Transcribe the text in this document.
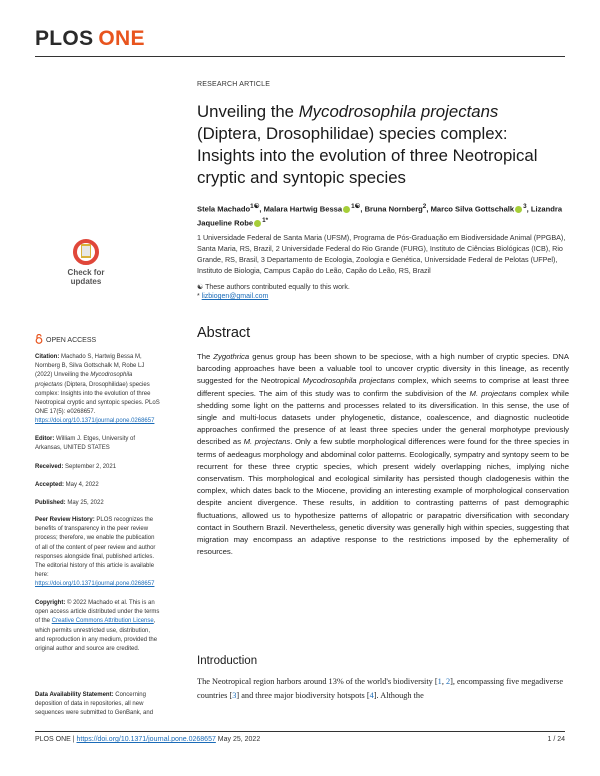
PLOS ONE
RESEARCH ARTICLE
Unveiling the Mycodrosophila projectans (Diptera, Drosophilidae) species complex: Insights into the evolution of three Neotropical cryptic and syntopic species
Stela Machado$^{1☯}$, Malara Hartwig Bessa $^{1☯}$, Bruna Nornberg$^2$, Marco Silva Gottschalk $^3$, Lizandra Jaqueline Robe $^{1*}$
1 Universidade Federal de Santa Maria (UFSM), Programa de Pós-Graduação em Biodiversidade Animal (PPGBA), Santa Maria, RS, Brazil, 2 Universidade Federal do Rio Grande (FURG), Instituto de Ciências Biológicas (ICB), Rio Grande, RS, Brasil, 3 Departamento de Ecologia, Zoologia e Genética, Universidade Federal de Pelotas (UFPel), Instituto de Biologia, Campus Capão do Leão, Capão do Leão, RS, Brazil
☯ These authors contributed equally to this work.
* lizbiogen@gmail.com
Check for
updates
OPEN ACCESS
Citation: Machado S, Hartwig Bessa M, Nornberg B, Silva Gottschalk M, Robe LJ (2022) Unveiling the Mycodrosophila projectans (Diptera, Drosophilidae) species complex: Insights into the evolution of three Neotropical cryptic and syntopic species. PLoS ONE 17(5): e0268657. https://doi.org/10.1371/journal.pone.0268657
Editor: William J. Etges, University of Arkansas, UNITED STATES
Received: September 2, 2021
Accepted: May 4, 2022
Published: May 25, 2022
Peer Review History: PLOS recognizes the benefits of transparency in the peer review process; therefore, we enable the publication of all of the content of peer review and author responses alongside final, published articles. The editorial history of this article is available here: https://doi.org/10.1371/journal.pone.0268657
Copyright: © 2022 Machado et al. This is an open access article distributed under the terms of the Creative Commons Attribution License, which permits unrestricted use, distribution, and reproduction in any medium, provided the original author and source are credited.
Data Availability Statement: Concerning deposition of data in repositories, all new sequences were submitted to GenBank, and
Abstract
The Zygothrica genus group has been shown to be speciose, with a high number of cryptic species. DNA barcoding approaches have been a valuable tool to uncover cryptic diversity in this lineage, as recently suggested for the Neotropical Mycodrosophila projectans complex, which seems to comprise at least three different species. The aim of this study was to confirm the subdivision of the M. projectans complex while shedding some light on the patterns and processes related to its diversification. In this sense, the use of single and multi-locus datasets under phylogenetic, distance, coalescence, and diagnostic nucleotide approaches confirmed the presence of at least three species under the general morphotype previously described as M. projectans. Only a few subtle morphological differences were found for the three species in terms of aedeagus morphology and abdominal color patterns. Ecologically, sympatry and syntopy seem to be recurrent for these three cryptic species, which present widely overlapping niches, implying niche conservatism. This morphological and ecological similarity has persisted though cladogenesis within the complex, which dates back to the Miocene, providing an interesting example of morphological conservation despite ancient divergence. These results, in addition to contrasting patterns of past demographic fluctuations, allowed us to hypothesize patterns of allopatric or parapatric diversification with secondary contact in Southern Brazil. Nevertheless, genetic diversity was generally high within species, suggesting that migration may encompass an adaptive response to the restrictions imposed by the ephemerality of resources.
Introduction
The Neotropical region harbors around 13% of the world's biodiversity [1, 2], encompassing five megadiverse countries [3] and three major biodiversity hotspots [4]. Although the
PLOS ONE | https://doi.org/10.1371/journal.pone.0268657 May 25, 2022	1 / 24
